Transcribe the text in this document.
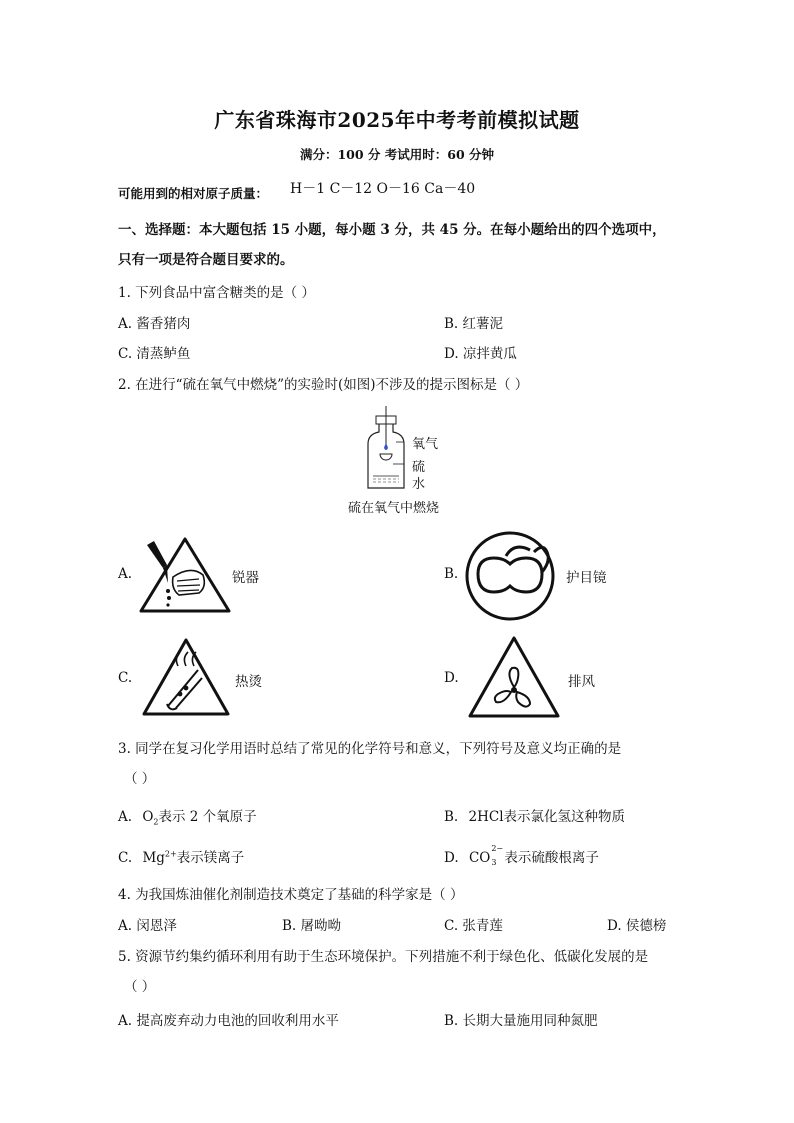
广东省珠海市2025年中考考前模拟试题
满分：100 分 考试用时：60 分钟
可能用到的相对原子质量： H－1 C－12 O－16 Ca－40
一、选择题：本大题包括 15 小题，每小题 3 分，共 45 分。在每小题给出的四个选项中，
只有一项是符合题目要求的。
1. 下列食品中富含糖类的是（ ）
A. 酱香猪肉	B. 红薯泥
C. 清蒸鲈鱼	D. 凉拌黄瓜
2. 在进行“硫在氧气中燃烧”的实验时(如图)不涉及的提示图标是（ ）
氧气
硫
水
硫在氧气中燃烧
A.	锐器	B.	护目镜
C.	热烫	D.	排风
3. 同学在复习化学用语时总结了常见的化学符号和意义，下列符号及意义均正确的是
（ ）
A. $O_2$表示 2 个氧原子	B. 2HCl表示氯化氢这种物质
C. $Mg^{2+}$表示镁离子	D. CO
2−
3 表示硫酸根离子
4. 为我国炼油催化剂制造技术奠定了基础的科学家是（ ）
A. 闵恩泽	B. 屠呦呦	C. 张青莲	D. 侯德榜
5. 资源节约集约循环利用有助于生态环境保护。下列措施不利于绿色化、低碳化发展的是
（ ）
A. 提高废弃动力电池的回收利用水平	B. 长期大量施用同种氮肥
